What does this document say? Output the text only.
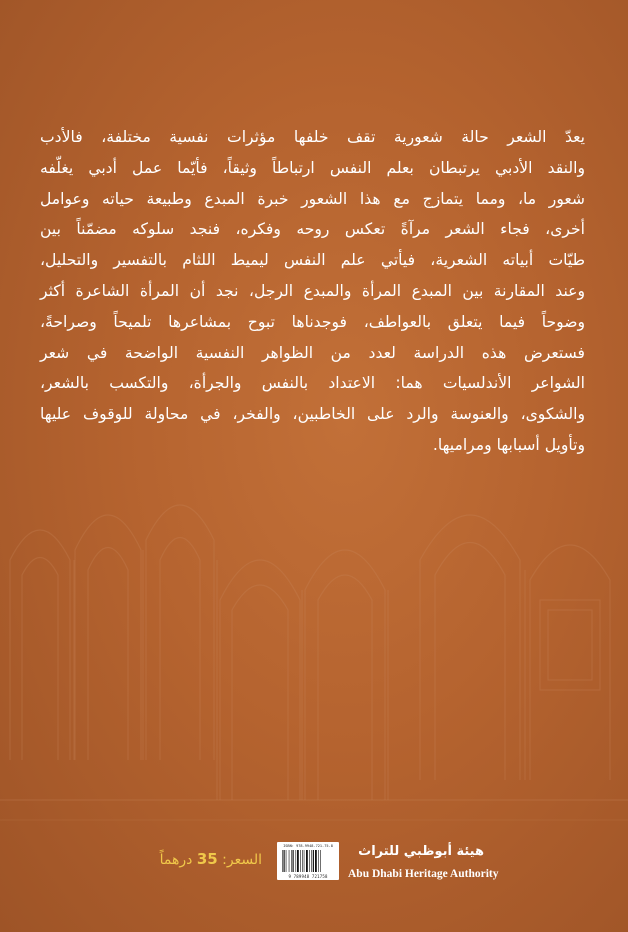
يعدّ الشعر حالة شعورية تقف خلفها مؤثرات نفسية مختلفة، فالأدب
والنقد الأدبي يرتبطان بعلم النفس ارتباطاً وثيقاً، فأيّما عمل أدبي يغلّفه
شعور ما، ومما يتمازج مع هذا الشعور خبرة المبدع وطبيعة حياته وعوامل
أخرى، فجاء الشعر مرآةً تعكس روحه وفكره، فنجد سلوكه مضمّناً بين
طيّات أبياته الشعرية، فيأتي علم النفس ليميط اللثام بالتفسير والتحليل،
وعند المقارنة بين المبدع المرأة والمبدع الرجل، نجد أن المرأة الشاعرة أكثر
وضوحاً فيما يتعلق بالعواطف، فوجدناها تبوح بمشاعرها تلميحاً وصراحةً،
فستعرض هذه الدراسة لعدد من الظواهر النفسية الواضحة في شعر
الشواعر الأندلسيات هما: الاعتداد بالنفس والجرأة، والتكسب بالشعر،
والشكوى، والعنوسة والرد على الخاطبين، والفخر، في محاولة للوقوف عليها
وتأويل أسبابها ومراميها.
السعر: 35 درهماً
ISBN: 978-9948-721-75-8
9 789948 721758
هيئة أبوظبي للتراث
Abu Dhabi Heritage Authority
